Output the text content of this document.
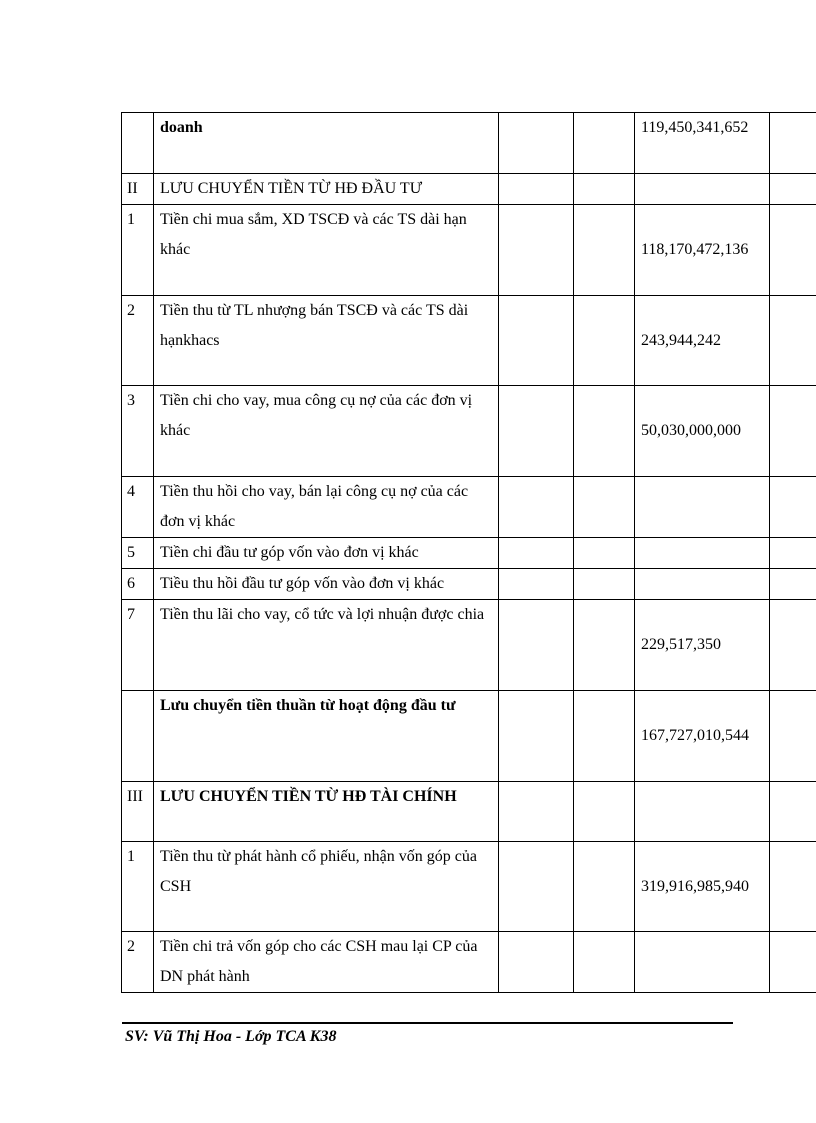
	doanh			119,450,341,652	
II	LƯU CHUYỂN TIỀN TỪ HĐ ĐẦU TƯ				
1	Tiền chi mua sắm, XD TSCĐ và các TS dài hạn khác			118,170,472,136	
2	Tiền thu từ TL nhượng bán TSCĐ và các TS dài hạnkhacs			243,944,242	
3	Tiền chi cho vay, mua công cụ nợ của các đơn vị khác			50,030,000,000	
4	Tiền thu hồi cho vay, bán lại công cụ nợ của các đơn vị khác				
5	Tiền chi đầu tư góp vốn vào đơn vị khác				
6	Tiều thu hồi đầu tư góp vốn vào đơn vị khác				
7	Tiền thu lãi cho vay, cổ tức và lợi nhuận được chia			229,517,350	
	Lưu chuyển tiền thuần từ hoạt động đầu tư			167,727,010,544	
III	LƯU CHUYỂN TIỀN TỪ HĐ TÀI CHÍNH				
1	Tiền thu từ phát hành cổ phiếu, nhận vốn góp của CSH			319,916,985,940	
2	Tiền chi trả vốn góp cho các CSH mau lại CP của DN phát hành				
SV: Vũ Thị Hoa - Lớp TCA K38
